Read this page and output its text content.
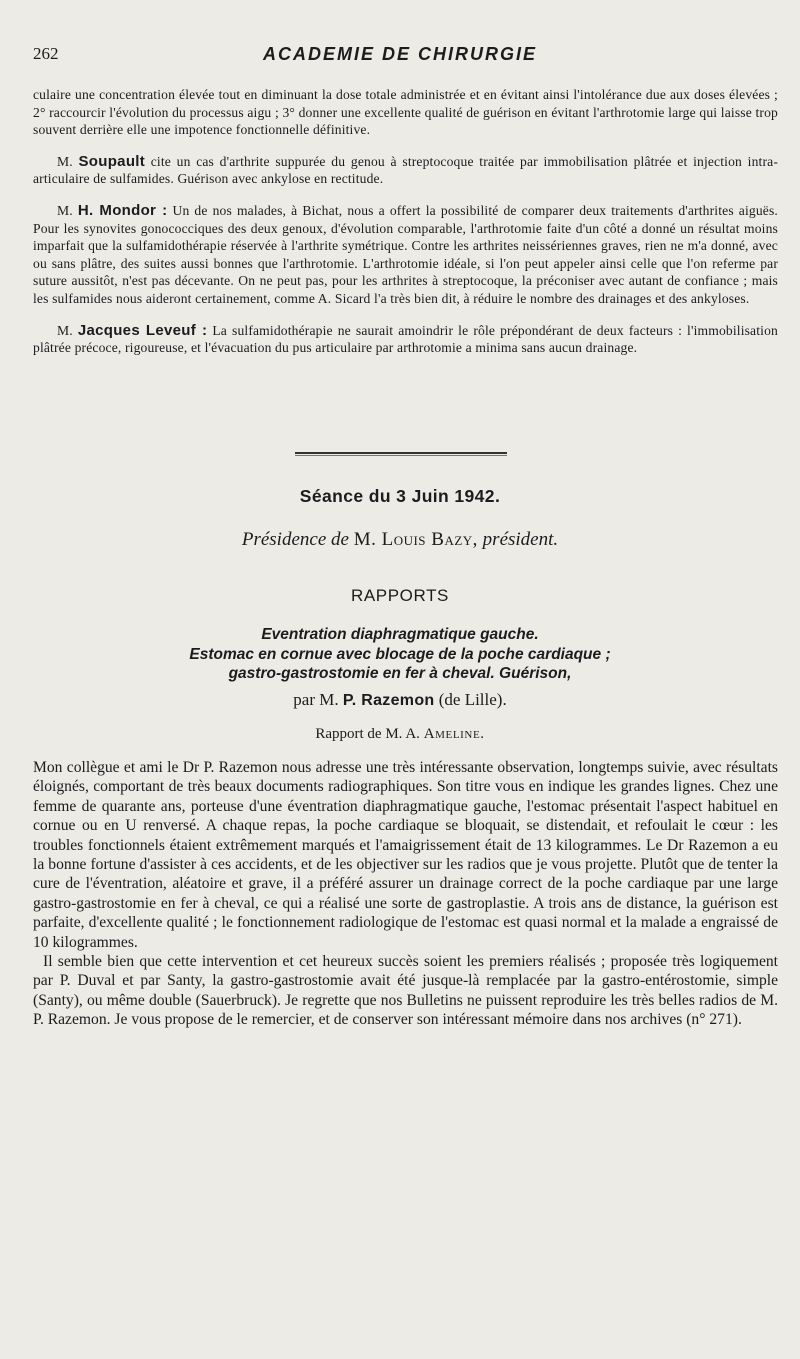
262	ACADEMIE DE CHIRURGIE

culaire une concentration élevée tout en diminuant la dose totale administrée et en évitant ainsi l'intolérance due aux doses élevées ; 2° raccourcir l'évolution du processus aigu ; 3° donner une excellente qualité de guérison en évitant l'arthrotomie large qui laisse trop souvent derrière elle une impotence fonctionnelle définitive.

M. Soupault cite un cas d'arthrite suppurée du genou à streptocoque traitée par immobilisation plâtrée et injection intra-articulaire de sulfamides. Guérison avec ankylose en rectitude.

M. H. Mondor : Un de nos malades, à Bichat, nous a offert la possibilité de comparer deux traitements d'arthrites aiguës. Pour les synovites gonococciques des deux genoux, d'évolution comparable, l'arthrotomie faite d'un côté a donné un résultat moins imparfait que la sulfamidothérapie réservée à l'arthrite symétrique. Contre les arthrites neissériennes graves, rien ne m'a donné, avec ou sans plâtre, des suites aussi bonnes que l'arthrotomie. L'arthrotomie idéale, si l'on peut appeler ainsi celle que l'on referme par suture aussitôt, n'est pas décevante. On ne peut pas, pour les arthrites à streptocoque, la préconiser avec autant de confiance ; mais les sulfamides nous aideront certainement, comme A. Sicard l'a très bien dit, à réduire le nombre des drainages et des ankyloses.

M. Jacques Leveuf : La sulfamidothérapie ne saurait amoindrir le rôle prépondérant de deux facteurs : l'immobilisation plâtrée précoce, rigoureuse, et l'évacuation du pus articulaire par arthrotomie a minima sans aucun drainage.

Séance du 3 Juin 1942.
Présidence de M. Louis Bazy, président.
RAPPORTS
Eventration diaphragmatique gauche.
Estomac en cornue avec blocage de la poche cardiaque ;
gastro-gastrostomie en fer à cheval. Guérison,
par M. P. Razemon (de Lille).
Rapport de M. A. Ameline.

Mon collègue et ami le Dr P. Razemon nous adresse une très intéressante observation, longtemps suivie, avec résultats éloignés, comportant de très beaux documents radiographiques. Son titre vous en indique les grandes lignes. Chez une femme de quarante ans, porteuse d'une éventration diaphragmatique gauche, l'estomac présentait l'aspect habituel en cornue ou en U renversé. A chaque repas, la poche cardiaque se bloquait, se distendait, et refoulait le cœur : les troubles fonctionnels étaient extrêmement marqués et l'amaigrissement était de 13 kilogrammes. Le Dr Razemon a eu la bonne fortune d'assister à ces accidents, et de les objectiver sur les radios que je vous projette. Plutôt que de tenter la cure de l'éventration, aléatoire et grave, il a préféré assurer un drainage correct de la poche cardiaque par une large gastro-gastrostomie en fer à cheval, ce qui a réalisé une sorte de gastroplastie. A trois ans de distance, la guérison est parfaite, d'excellente qualité ; le fonctionnement radiologique de l'estomac est quasi normal et la malade a engraissé de 10 kilogrammes.

Il semble bien que cette intervention et cet heureux succès soient les premiers réalisés ; proposée très logiquement par P. Duval et par Santy, la gastro-gastrostomie avait été jusque-là remplacée par la gastro-entérostomie, simple (Santy), ou même double (Sauerbruck). Je regrette que nos Bulletins ne puissent reproduire les très belles radios de M. P. Razemon. Je vous propose de le remercier, et de conserver son intéressant mémoire dans nos archives (n° 271).
